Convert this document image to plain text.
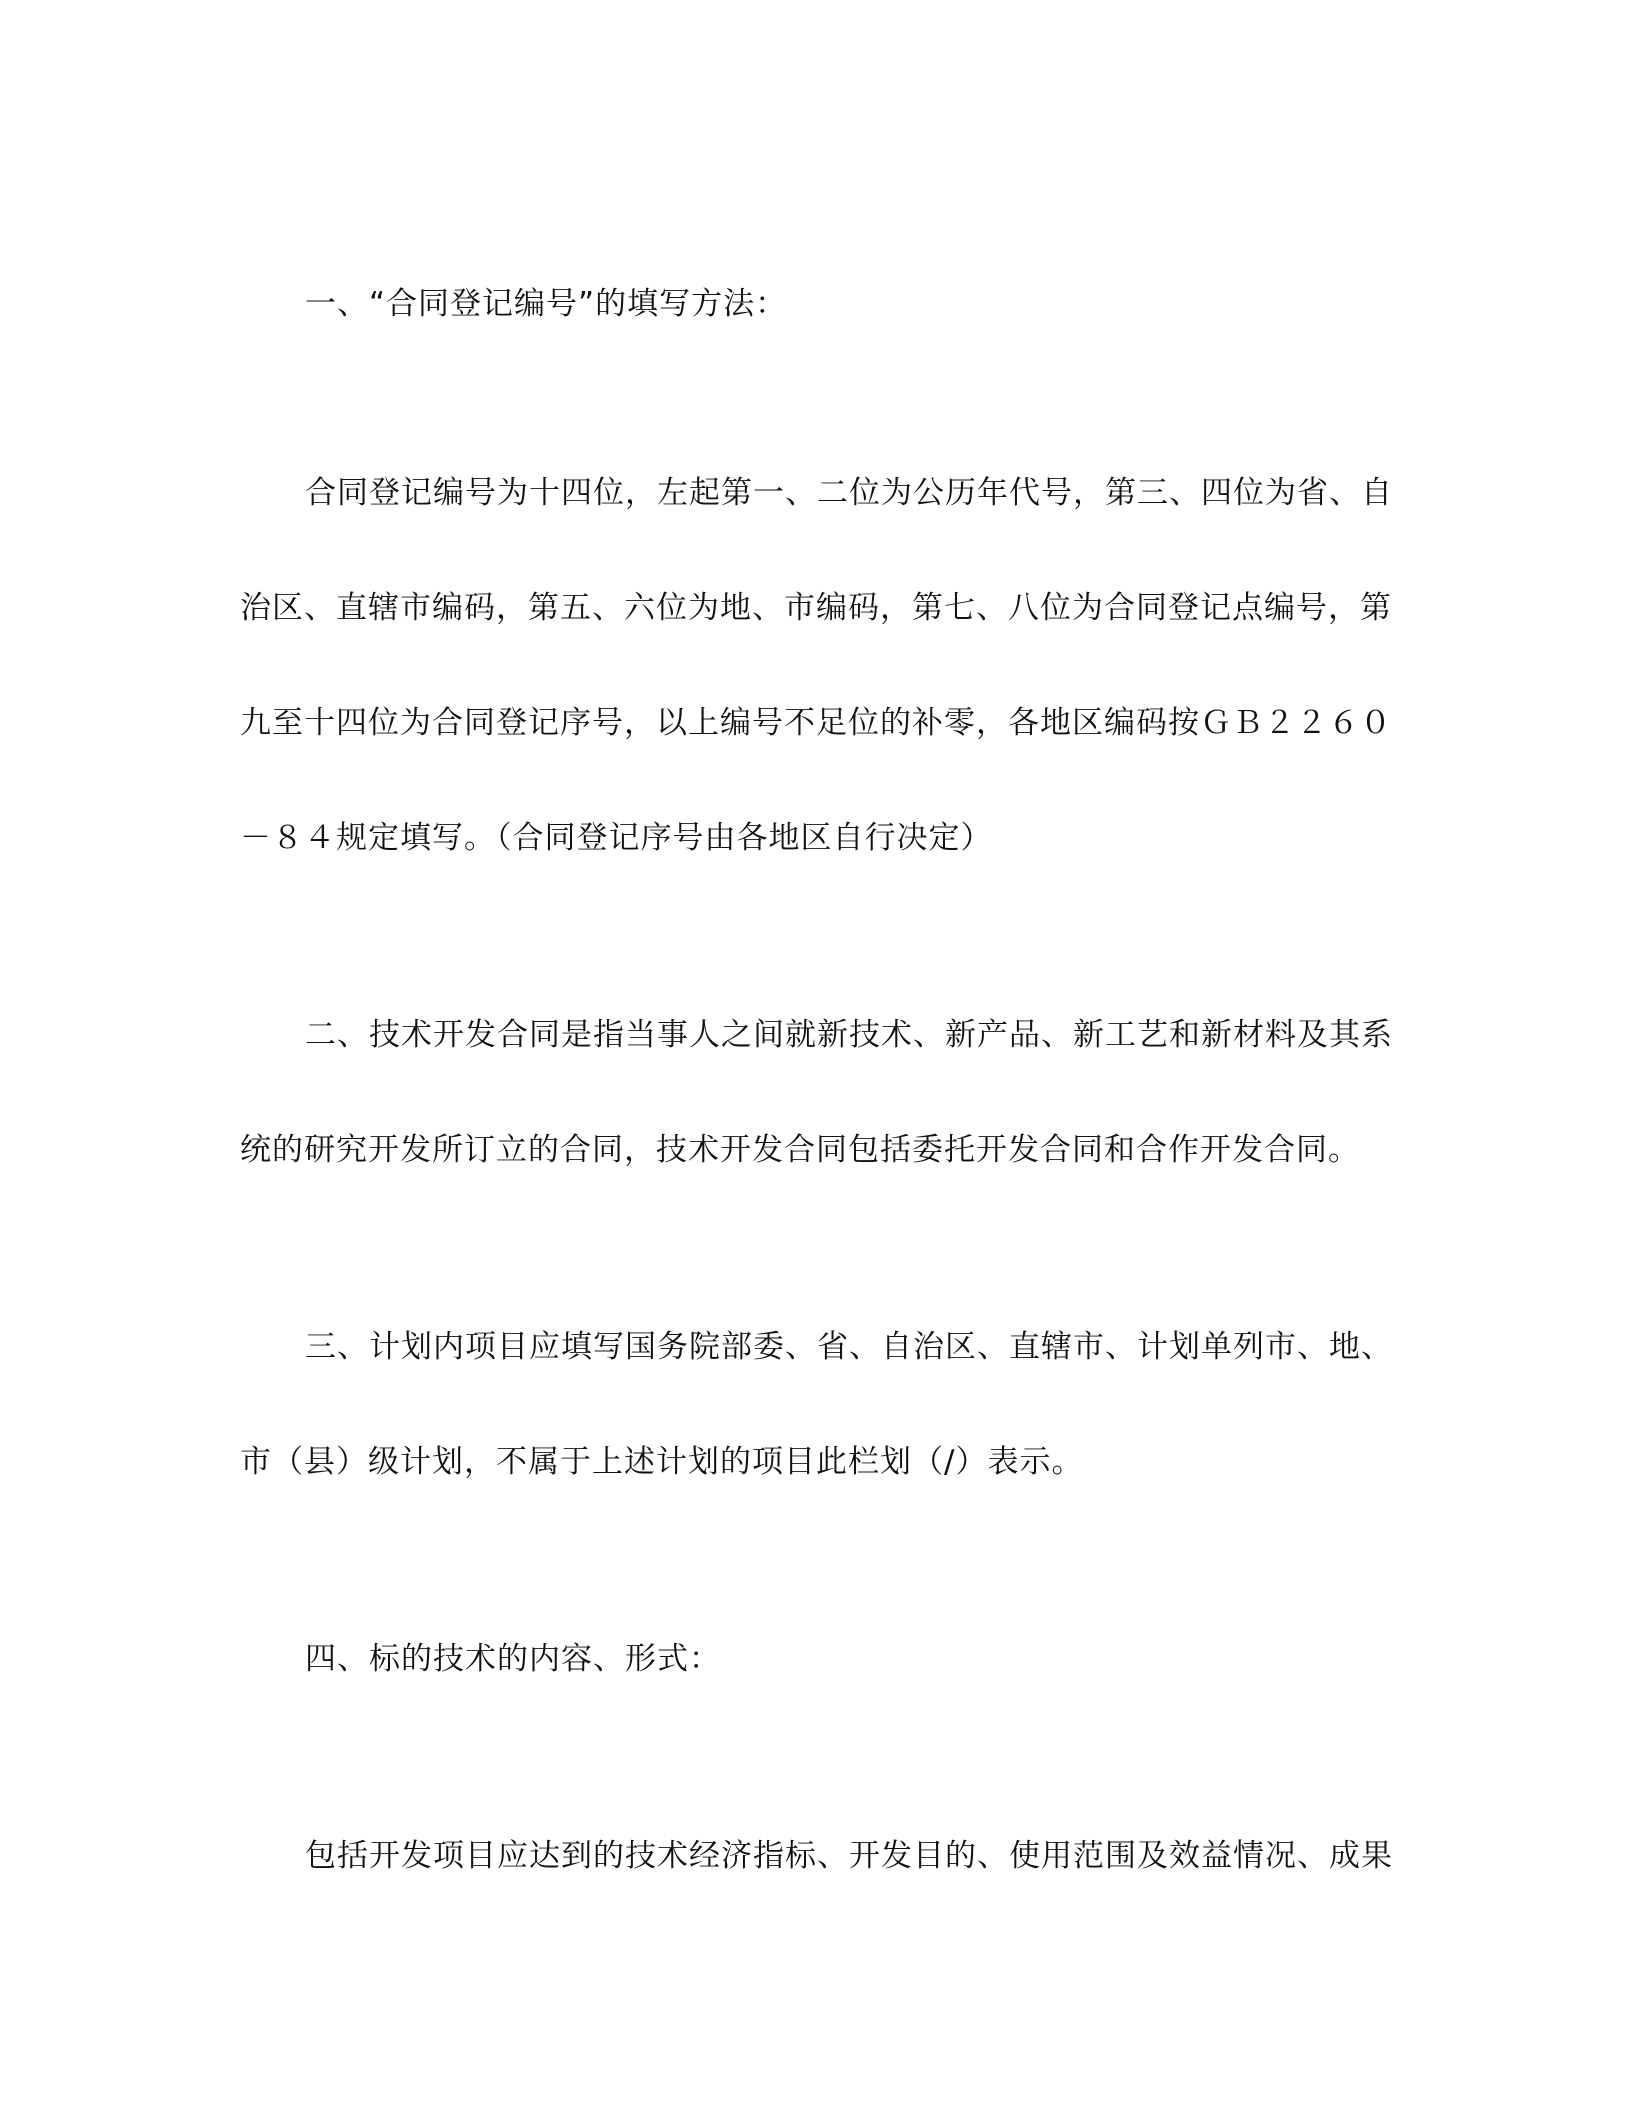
一、“合同登记编号”的填写方法：
合同登记编号为十四位，左起第一、二位为公历年代号，第三、四位为省、自
治区、直辖市编码，第五、六位为地、市编码，第七、八位为合同登记点编号，第
九至十四位为合同登记序号，以上编号不足位的补零，各地区编码按ＧＢ２２６０
－８４规定填写。（合同登记序号由各地区自行决定）
二、技术开发合同是指当事人之间就新技术、新产品、新工艺和新材料及其系
统的研究开发所订立的合同，技术开发合同包括委托开发合同和合作开发合同。
三、计划内项目应填写国务院部委、省、自治区、直辖市、计划单列市、地、
市（县）级计划，不属于上述计划的项目此栏划（/）表示。
四、标的技术的内容、形式：
包括开发项目应达到的技术经济指标、开发目的、使用范围及效益情况、成果
